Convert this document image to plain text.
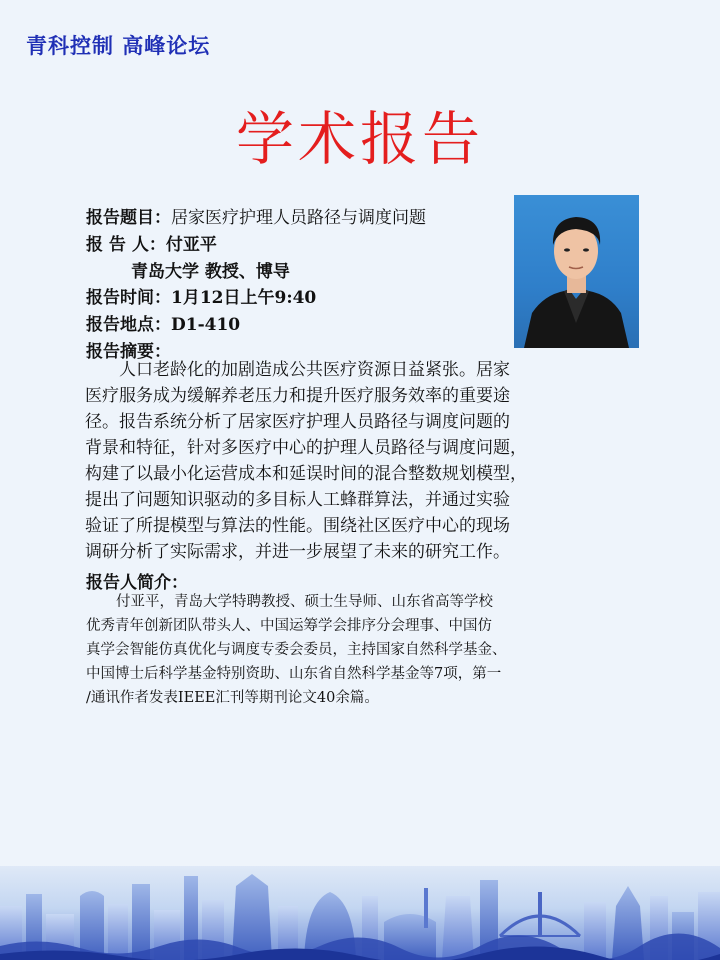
青科控制 高峰论坛
学术报告
报告题目：居家医疗护理人员路径与调度问题
报 告 人：付亚平
青岛大学 教授、博导
报告时间：1月12日上午9:40
报告地点：D1-410
报告摘要：
人口老龄化的加剧造成公共医疗资源日益紧张。居家
医疗服务成为缓解养老压力和提升医疗服务效率的重要途
径。报告系统分析了居家医疗护理人员路径与调度问题的
背景和特征，针对多医疗中心的护理人员路径与调度问题，
构建了以最小化运营成本和延误时间的混合整数规划模型，
提出了问题知识驱动的多目标人工蜂群算法，并通过实验
验证了所提模型与算法的性能。围绕社区医疗中心的现场
调研分析了实际需求，并进一步展望了未来的研究工作。
报告人简介：
付亚平，青岛大学特聘教授、硕士生导师、山东省高等学校
优秀青年创新团队带头人、中国运筹学会排序分会理事、中国仿
真学会智能仿真优化与调度专委会委员，主持国家自然科学基金、
中国博士后科学基金特别资助、山东省自然科学基金等7项，第一
/通讯作者发表IEEE汇刊等期刊论文40余篇。
